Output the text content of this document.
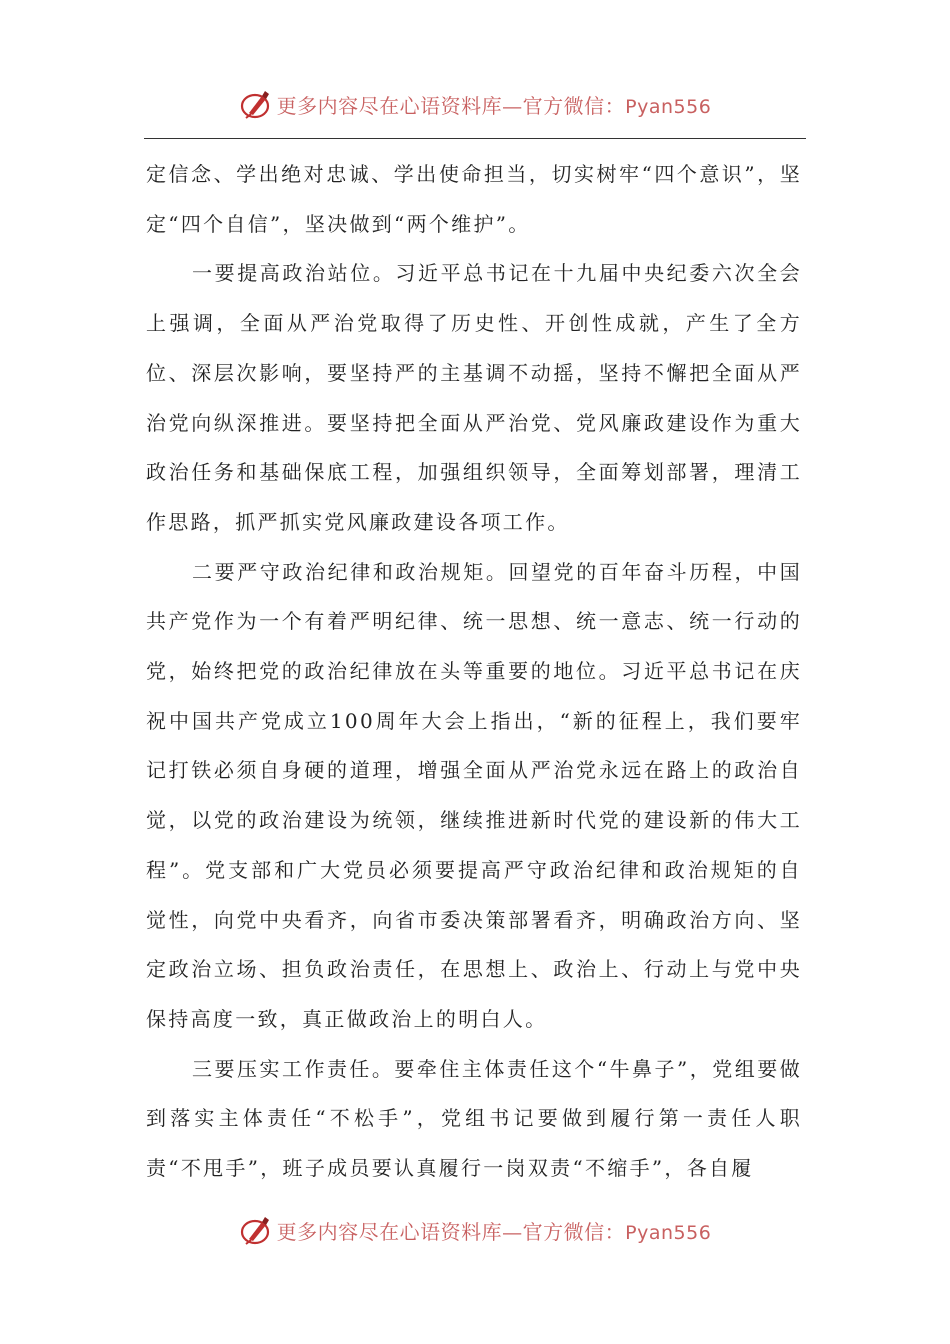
更多内容尽在心语资料库—官方微信：Pyan556

定信念、学出绝对忠诚、学出使命担当，切实树牢“四个意识”，坚定“四个自信”，坚决做到“两个维护”。

一要提高政治站位。习近平总书记在十九届中央纪委六次全会上强调，全面从严治党取得了历史性、开创性成就，产生了全方位、深层次影响，要坚持严的主基调不动摇，坚持不懈把全面从严治党向纵深推进。要坚持把全面从严治党、党风廉政建设作为重大政治任务和基础保底工程，加强组织领导，全面筹划部署，理清工作思路，抓严抓实党风廉政建设各项工作。

二要严守政治纪律和政治规矩。回望党的百年奋斗历程，中国共产党作为一个有着严明纪律、统一思想、统一意志、统一行动的党，始终把党的政治纪律放在头等重要的地位。习近平总书记在庆祝中国共产党成立100周年大会上指出，“新的征程上，我们要牢记打铁必须自身硬的道理，增强全面从严治党永远在路上的政治自觉，以党的政治建设为统领，继续推进新时代党的建设新的伟大工程”。党支部和广大党员必须要提高严守政治纪律和政治规矩的自觉性，向党中央看齐，向省市委决策部署看齐，明确政治方向、坚定政治立场、担负政治责任，在思想上、政治上、行动上与党中央保持高度一致，真正做政治上的明白人。

三要压实工作责任。要牵住主体责任这个“牛鼻子”，党组要做到落实主体责任“不松手”，党组书记要做到履行第一责任人职责“不甩手”，班子成员要认真履行一岗双责“不缩手”，各自履

更多内容尽在心语资料库—官方微信：Pyan556
